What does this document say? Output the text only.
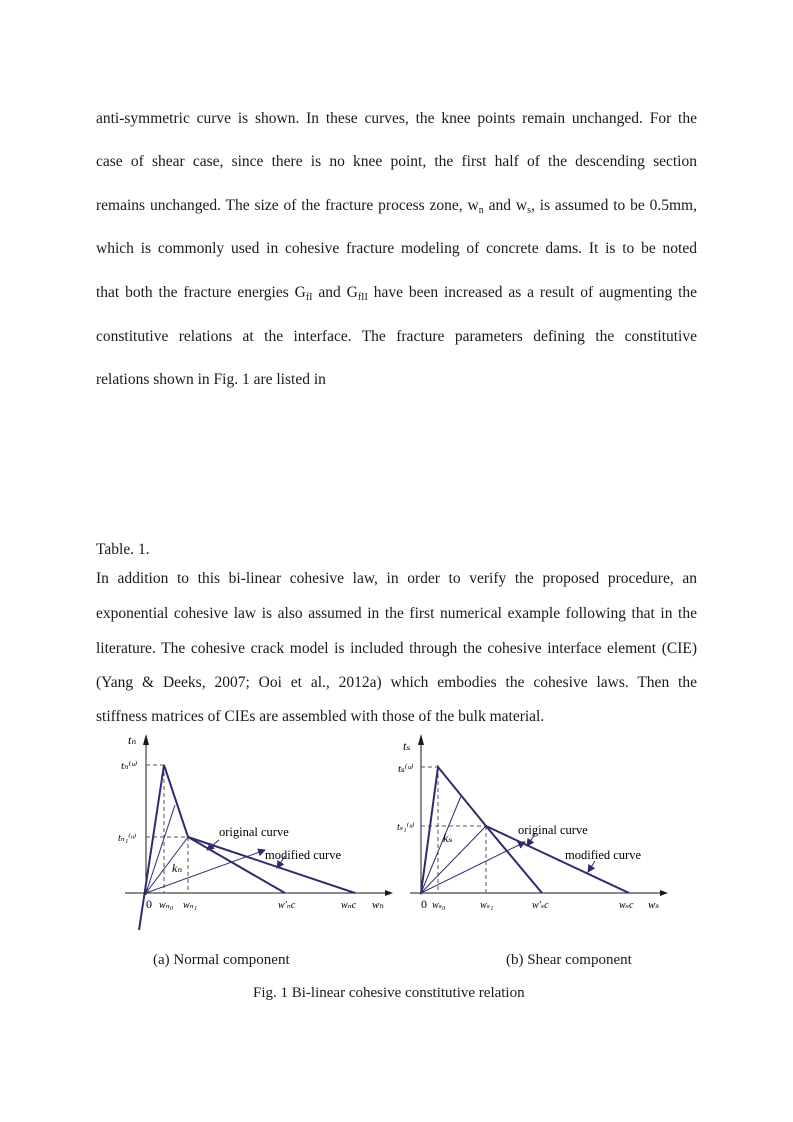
anti-symmetric curve is shown. In these curves, the knee points remain unchanged. For the
case of shear case, since there is no knee point, the first half of the descending section
remains unchanged. The size of the fracture process zone, $w_n$ and $w_s$, is assumed to be 0.5mm,
which is commonly used in cohesive fracture modeling of concrete dams. It is to be noted
that both the fracture energies $G_{fI}$ and $G_{fII}$ have been increased as a result of augmenting the
constitutive relations at the interface. The fracture parameters defining the constitutive
relations shown in Fig. 1 are listed in
Table. 1.
In addition to this bi-linear cohesive law, in order to verify the proposed procedure, an
exponential cohesive law is also assumed in the first numerical example following that in the
literature. The cohesive crack model is included through the cohesive interface element (CIE)
(Yang & Deeks, 2007; Ooi et al., 2012a) which embodies the cohesive laws. Then the
stiffness matrices of CIEs are assembled with those of the bulk material.
tₙ
tₙ⁽ᵘ⁾
tₙ₁⁽ᵘ⁾
kₙ
0 wₙ₀ wₙ₁	w'ₙc	wₙc wₙ
original curve
modified curve
tₛ
tₛ⁽ᵘ⁾
tₛ₁⁽ᵘ⁾
kₛ
0 wₛ₀	wₛ₁	w'ₛc	wₛc wₛ
original curve
modified curve
(a) Normal component	(b) Shear component
Fig. 1 Bi-linear cohesive constitutive relation
